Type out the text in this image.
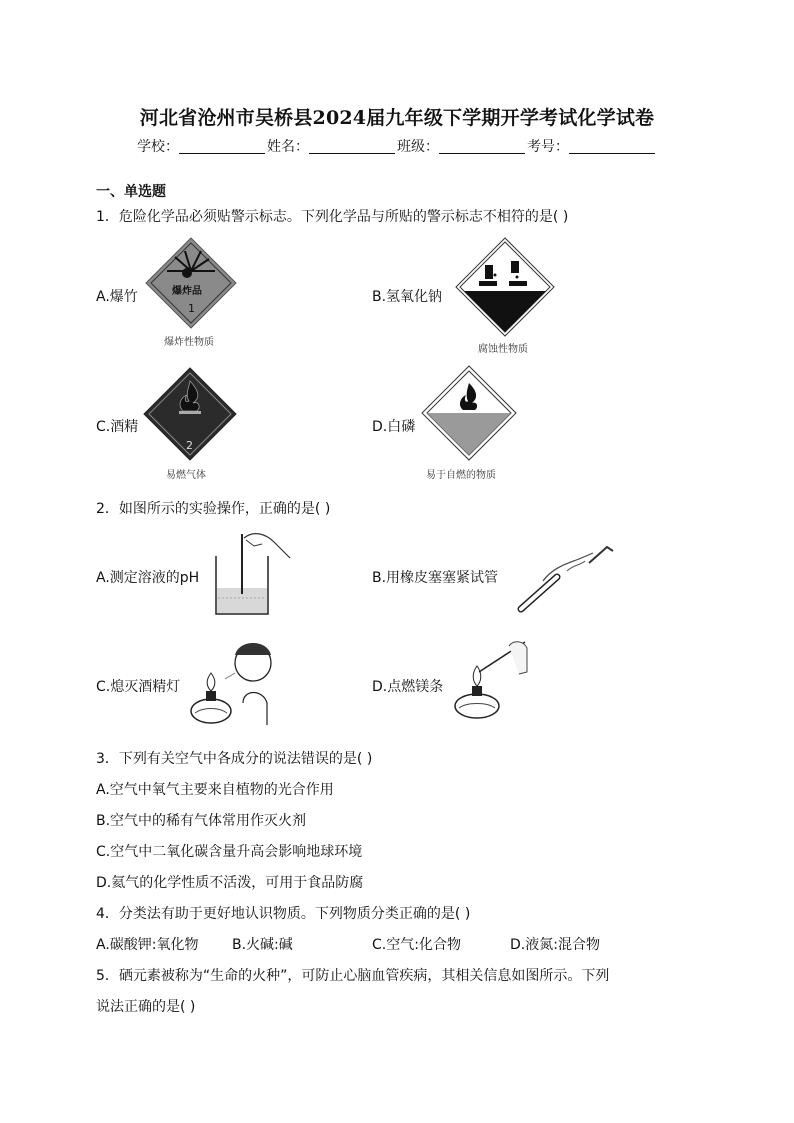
河北省沧州市吴桥县2024届九年级下学期开学考试化学试卷
学校：	姓名：	班级：	考号：
一、单选题
1．危险化学品必须贴警示标志。下列化学品与所贴的警示标志不相符的是( )
A.爆竹	爆炸品
1
爆炸性物质
B.氢氧化钠
腐蚀性物质
C.酒精
2
易燃气体
D.白磷
易于自燃的物质
2．如图所示的实验操作，正确的是( )
A.测定溶液的pH	B.用橡皮塞塞紧试管
C.熄灭酒精灯	D.点燃镁条
3．下列有关空气中各成分的说法错误的是( )
A.空气中氧气主要来自植物的光合作用
B.空气中的稀有气体常用作灭火剂
C.空气中二氧化碳含量升高会影响地球环境
D.氦气的化学性质不活泼，可用于食品防腐
4．分类法有助于更好地认识物质。下列物质分类正确的是( )
A.碳酸钾:氧化物 B.火碱:碱	C.空气:化合物	D.液氮:混合物
5．硒元素被称为“生命的火种”，可防止心脑血管疾病，其相关信息如图所示。下列
说法正确的是( )
